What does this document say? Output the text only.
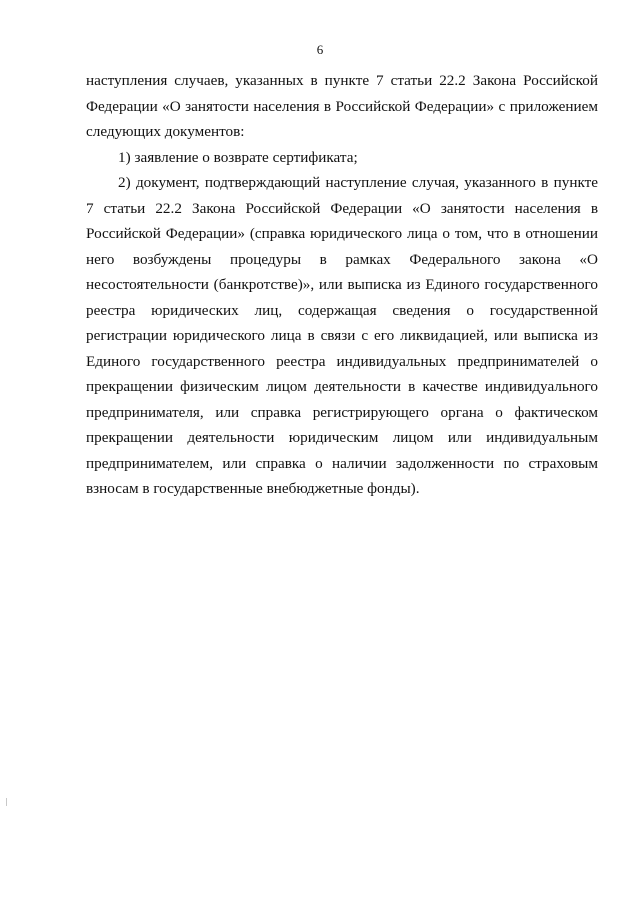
6

наступления случаев, указанных в пункте 7 статьи 22.2 Закона Российской Федерации «О занятости населения в Российской Федерации» с приложением следующих документов:

1) заявление о возврате сертификата;

2) документ, подтверждающий наступление случая, указанного в пункте 7 статьи 22.2 Закона Российской Федерации «О занятости населения в Российской Федерации» (справка юридического лица о том, что в отношении него возбуждены процедуры в рамках Федерального закона «О несостоятельности (банкротстве)», или выписка из Единого государственного реестра юридических лиц, содержащая сведения о государственной регистрации юридического лица в связи с его ликвидацией, или выписка из Единого государственного реестра индивидуальных предпринимателей о прекращении физическим лицом деятельности в качестве индивидуального предпринимателя, или справка регистрирующего органа о фактическом прекращении деятельности юридическим лицом или индивидуальным предпринимателем, или справка о наличии задолженности по страховым взносам в государственные внебюджетные фонды).
